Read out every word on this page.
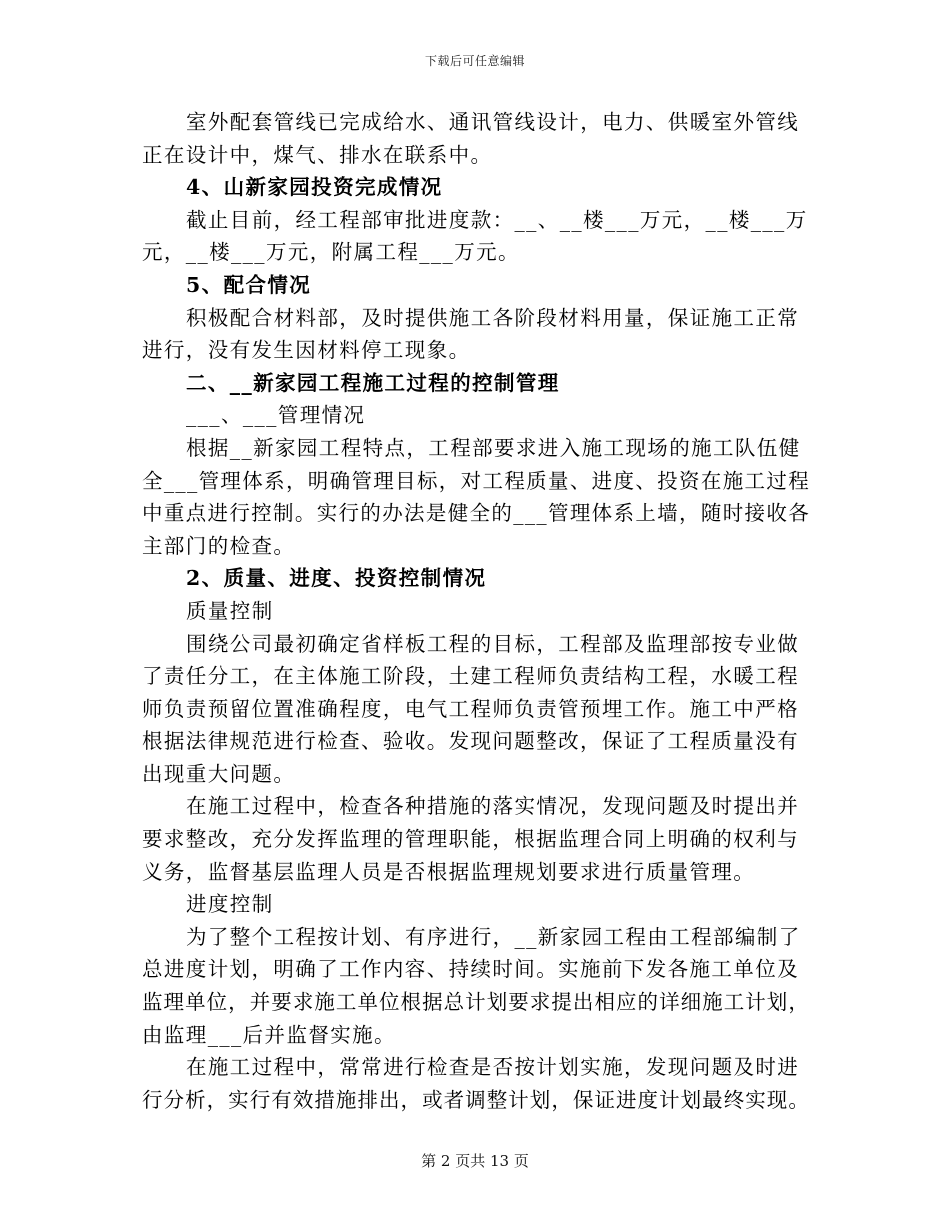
下载后可任意编辑
室外配套管线已完成给水、通讯管线设计，电力、供暖室外管线
正在设计中，煤气、排水在联系中。
4、山新家园投资完成情况
截止目前，经工程部审批进度款：__、__楼___万元，__楼___万
元，__楼___万元，附属工程___万元。
5、配合情况
积极配合材料部，及时提供施工各阶段材料用量，保证施工正常
进行，没有发生因材料停工现象。
二、__新家园工程施工过程的控制管理
___、___管理情况
根据__新家园工程特点，工程部要求进入施工现场的施工队伍健
全___管理体系，明确管理目标，对工程质量、进度、投资在施工过程
中重点进行控制。实行的办法是健全的___管理体系上墙，随时接收各
主部门的检查。
2、质量、进度、投资控制情况
质量控制
围绕公司最初确定省样板工程的目标，工程部及监理部按专业做
了责任分工，在主体施工阶段，土建工程师负责结构工程，水暖工程
师负责预留位置准确程度，电气工程师负责管预埋工作。施工中严格
根据法律规范进行检查、验收。发现问题整改，保证了工程质量没有
出现重大问题。
在施工过程中，检查各种措施的落实情况，发现问题及时提出并
要求整改，充分发挥监理的管理职能，根据监理合同上明确的权利与
义务，监督基层监理人员是否根据监理规划要求进行质量管理。
进度控制
为了整个工程按计划、有序进行，__新家园工程由工程部编制了
总进度计划，明确了工作内容、持续时间。实施前下发各施工单位及
监理单位，并要求施工单位根据总计划要求提出相应的详细施工计划，
由监理___后并监督实施。
在施工过程中，常常进行检查是否按计划实施，发现问题及时进
行分析，实行有效措施排出，或者调整计划，保证进度计划最终实现。
第 2 页共 13 页
